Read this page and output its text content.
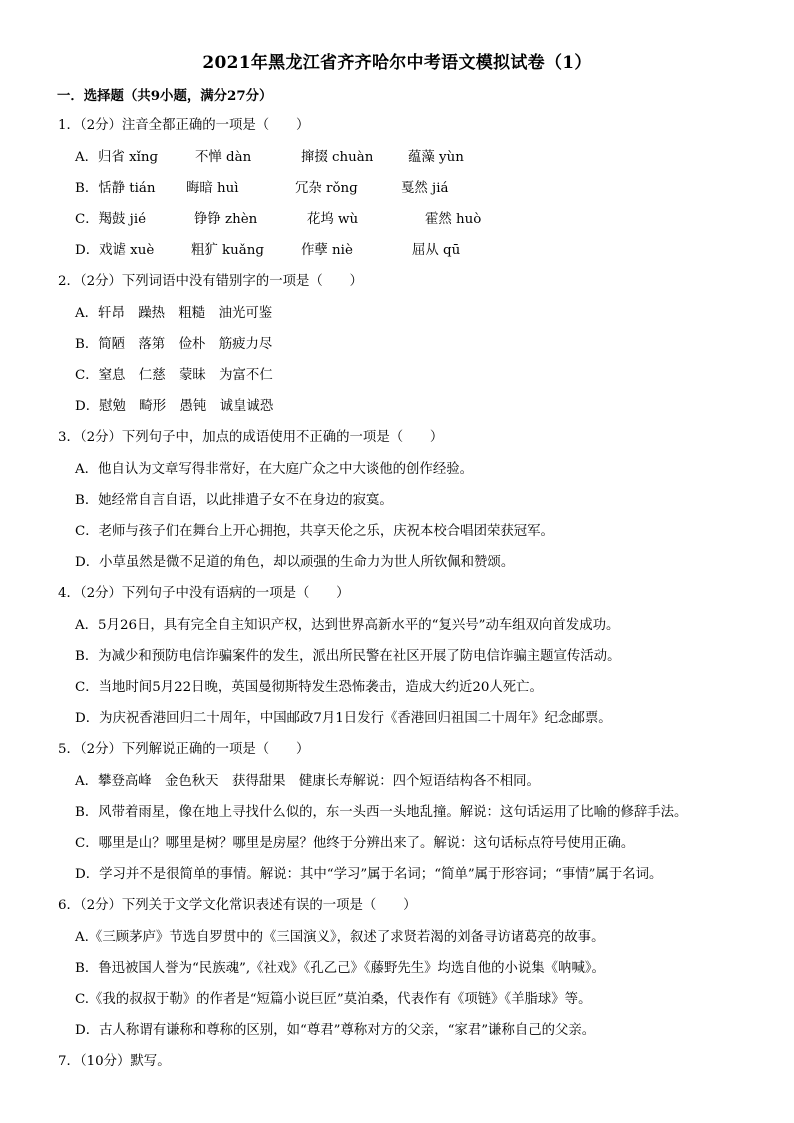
2021年黑龙江省齐齐哈尔中考语文模拟试卷（1）
一．选择题（共9小题，满分27分）
1．（2分）注音全都正确的一项是（　　）
A．归省 xǐnɡ	不惮 dàn	撺掇 chuàn	蕴藻 yùn
B．恬静 tián 晦暗 huì	冗杂 rǒnɡ	戛然 jiá
C．羯鼓 jié	铮铮 zhèn	花坞 wù	霍然 huò
D．戏谑 xuè	粗犷 kuǎnɡ	作孽 niè	屈从 qū
2．（2分）下列词语中没有错别字的一项是（　　）
A．轩昂　躁热　粗糙　油光可鉴
B．简陋　落第　俭朴　筋疲力尽
C．窒息　仁慈　蒙昧　为富不仁
D．慰勉　畸形　愚钝　诚皇诚恐
3．（2分）下列句子中，加点的成语使用不正确的一项是（　　）
A．他自认为文章写得非常好，在大庭广众之中大谈他的创作经验。
B．她经常自言自语，以此排遣子女不在身边的寂寞。
C．老师与孩子们在舞台上开心拥抱，共享天伦之乐，庆祝本校合唱团荣获冠军。
D．小草虽然是微不足道的角色，却以顽强的生命力为世人所钦佩和赞颂。
4．（2分）下列句子中没有语病的一项是（　　）
A．5月26日，具有完全自主知识产权，达到世界高新水平的“复兴号”动车组双向首发成功。
B．为减少和预防电信诈骗案件的发生，派出所民警在社区开展了防电信诈骗主题宣传活动。
C．当地时间5月22日晚，英国曼彻斯特发生恐怖袭击，造成大约近20人死亡。
D．为庆祝香港回归二十周年，中国邮政7月1日发行《香港回归祖国二十周年》纪念邮票。
5．（2分）下列解说正确的一项是（　　）
A．攀登高峰　金色秋天　获得甜果　健康长寿解说：四个短语结构各不相同。
B．风带着雨星，像在地上寻找什么似的，东一头西一头地乱撞。解说：这句话运用了比喻的修辞手法。
C．哪里是山？哪里是树？哪里是房屋？他终于分辨出来了。解说：这句话标点符号使用正确。
D．学习并不是很简单的事情。解说：其中“学习”属于名词；“简单”属于形容词；“事情”属于名词。
6．（2分）下列关于文学文化常识表述有误的一项是（　　）
A.《三顾茅庐》节选自罗贯中的《三国演义》，叙述了求贤若渴的刘备寻访诸葛亮的故事。
B．鲁迅被国人誉为“民族魂”,《社戏》《孔乙己》《藤野先生》均选自他的小说集《呐喊》。
C.《我的叔叔于勒》的作者是“短篇小说巨匠”莫泊桑，代表作有《项链》《羊脂球》等。
D．古人称谓有谦称和尊称的区别，如“尊君”尊称对方的父亲，“家君”谦称自己的父亲。
7．（10分）默写。
